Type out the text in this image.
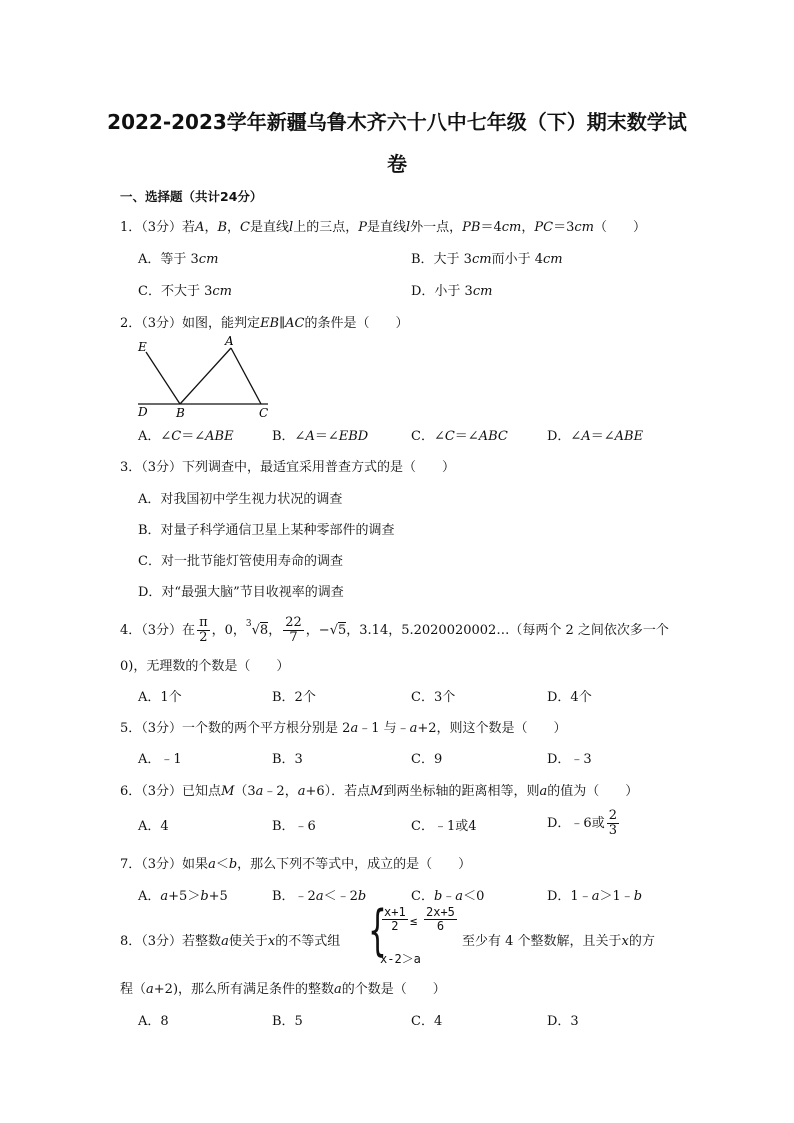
2022-2023学年新疆乌鲁木齐六十八中七年级（下）期末数学试
卷
一、选择题（共计24分）
1．（3分）若A，B，C是直线l上的三点，P是直线l外一点，PB＝4cm，PC＝3cm（　　）
A．等于 3cm	B．大于 3cm而小于 4cm
C．不大于 3cm	D．小于 3cm
2．（3分）如图，能判定EB∥AC的条件是（　　）
E	A
D B	C
A．∠C＝∠ABE	B．∠A＝∠EBD	C．∠C＝∠ABC	D．∠A＝∠ABE
3．（3分）下列调查中，最适宜采用普查方式的是（　　）
A．对我国初中学生视力状况的调查
B．对量子科学通信卫星上某种零部件的调查
C．对一批节能灯管使用寿命的调查
D．对“最强大脑”节目收视率的调查
4．（3分）在 $\frac{\pi}{2}$ ，0，$^3$√8， $\frac{22}{7}$ ，−√5，3.14，5.2020020002…（每两个 2 之间依次多一个
0)，无理数的个数是（　　）
A．1个	B．2个	C．3个	D．4个
5．（3分）一个数的两个平方根分别是 2a﹣1 与﹣a+2，则这个数是（　　）
A．﹣1	B．3	C．9	D．﹣3
6．（3分）已知点M（3a﹣2，a+6）．若点M到两坐标轴的距离相等，则a的值为（　　）
A．4	B．﹣6	C．﹣1或4	D．﹣6或 $\frac{2}{3}$
7．（3分）如果a＜b，那么下列不等式中，成立的是（　　）
A．a+5＞b+5	B．﹣2a＜﹣2b	C．b﹣a＜0	D．1﹣a＞1﹣b
8．（3分）若整数a使关于x的不等式组 {
$\frac{x+1}{2} \le \frac{2x+5}{6}$
x-2＞a
至少有 4 个整数解，且关于x的方
程（a+2)，那么所有满足条件的整数a的个数是（　　）
A．8	B．5	C．4	D．3
